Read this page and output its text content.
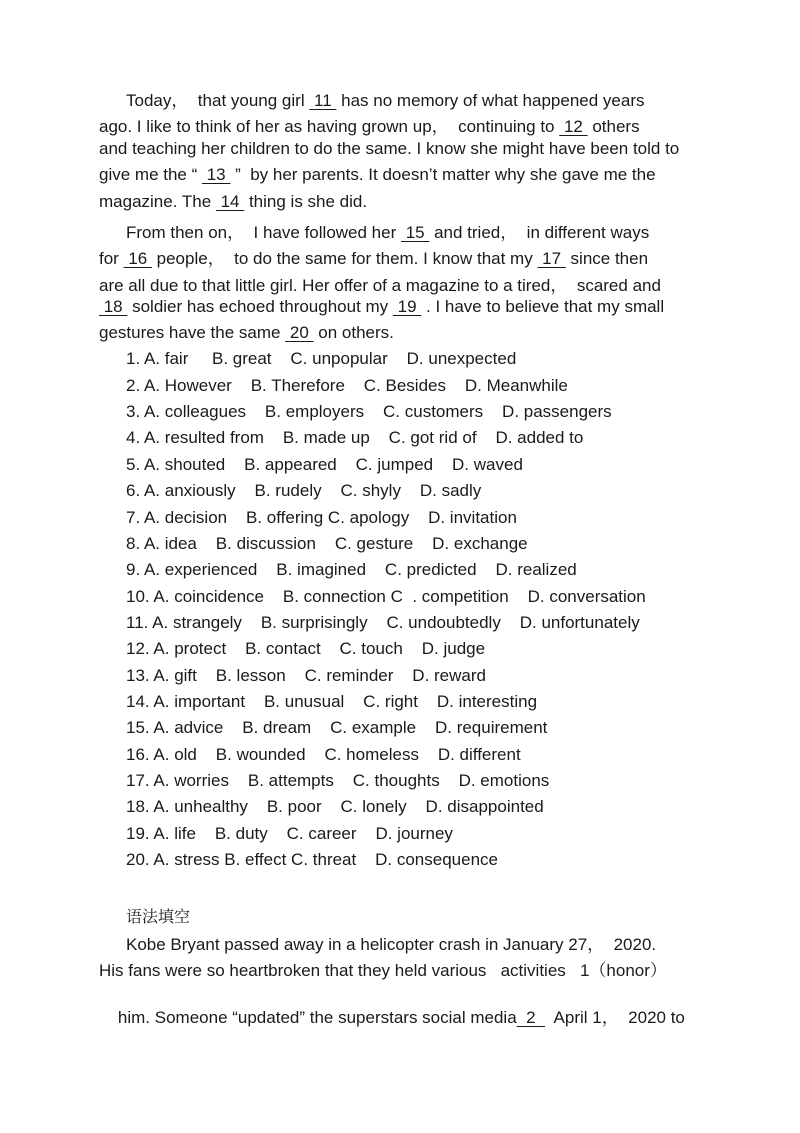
Today，  that young girl  11  has no memory of what happened years
ago. I like to think of her as having grown up，  continuing to  12  others
and teaching her children to do the same. I know she might have been told to
give me the “  13  ”  by her parents. It doesn’t matter why she gave me the
magazine. The  14  thing is she did.
From then on，  I have followed her  15  and tried，  in different ways
for  16  people，  to do the same for them. I know that my  17  since then
are all due to that little girl. Her offer of a magazine to a tired，  scared and
18  soldier has echoed throughout my  19  . I have to believe that my small
gestures have the same  20  on others.
1. A. fair     B. great    C. unpopular    D. unexpected
2. A. However    B. Therefore    C. Besides    D. Meanwhile
3. A. colleagues    B. employers    C. customers    D. passengers
4. A. resulted from    B. made up    C. got rid of    D. added to
5. A. shouted    B. appeared    C. jumped    D. waved
6. A. anxiously    B. rudely    C. shyly    D. sadly
7. A. decision    B. offering C. apology    D. invitation
8. A. idea    B. discussion    C. gesture    D. exchange
9. A. experienced    B. imagined    C. predicted    D. realized
10. A. coincidence    B. connection C  . competition    D. conversation
11. A. strangely    B. surprisingly    C. undoubtedly    D. unfortunately
12. A. protect    B. contact    C. touch    D. judge
13. A. gift    B. lesson    C. reminder    D. reward
14. A. important    B. unusual    C. right    D. interesting
15. A. advice    B. dream    C. example    D. requirement
16. A. old    B. wounded    C. homeless    D. different
17. A. worries    B. attempts    C. thoughts    D. emotions
18. A. unhealthy    B. poor    C. lonely    D. disappointed
19. A. life    B. duty    C. career    D. journey
20. A. stress B. effect C. threat    D. consequence
语法填空
Kobe Bryant passed away in a helicopter crash in January 27，  2020.
His fans were so heartbroken that they held various   activities   1（honor）

him. Someone “updated” the superstars social media  2    April 1，  2020 to
